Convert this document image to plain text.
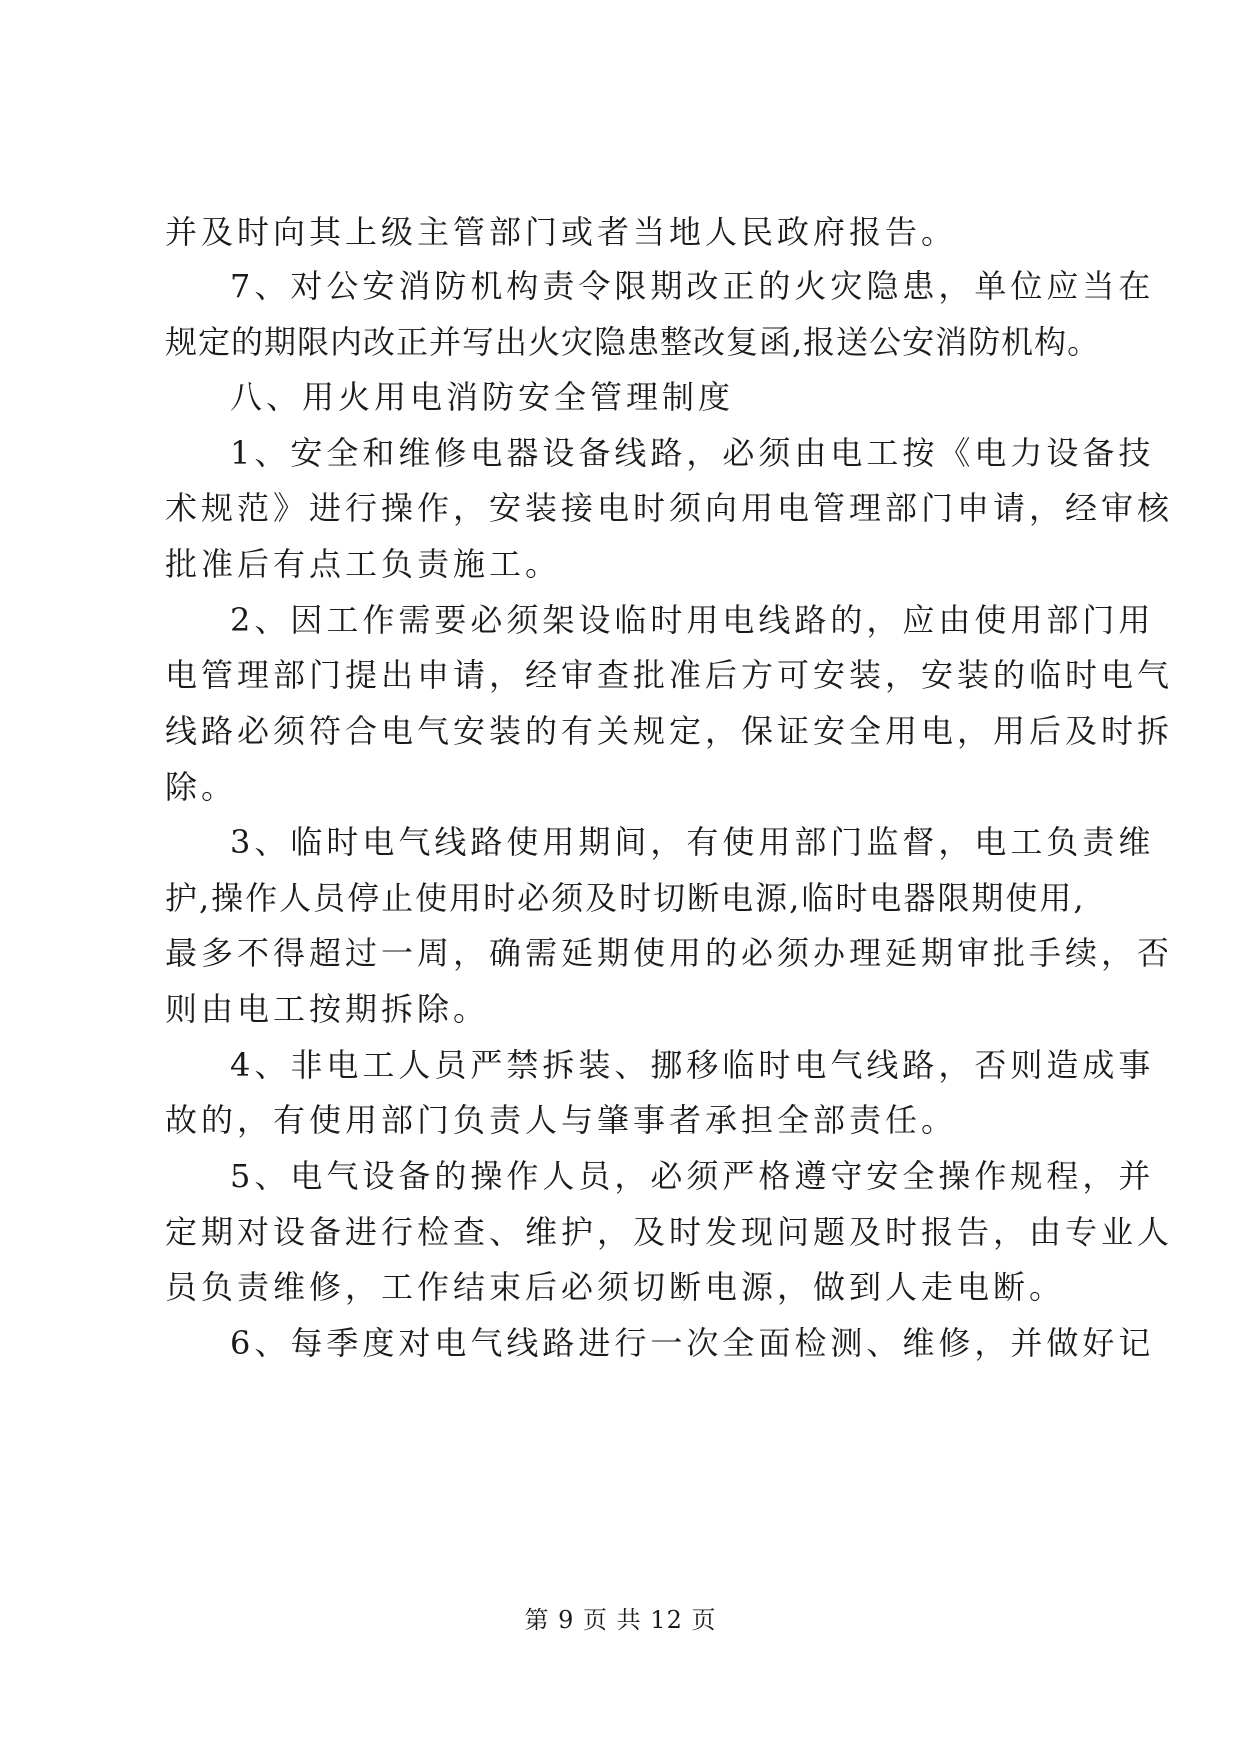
并及时向其上级主管部门或者当地人民政府报告。
7、对公安消防机构责令限期改正的火灾隐患，单位应当在
规定的期限内改正并写出火灾隐患整改复函,报送公安消防机构。
八、用火用电消防安全管理制度
1、安全和维修电器设备线路，必须由电工按《电力设备技
术规范》进行操作，安装接电时须向用电管理部门申请，经审核
批准后有点工负责施工。
2、因工作需要必须架设临时用电线路的，应由使用部门用
电管理部门提出申请，经审查批准后方可安装，安装的临时电气
线路必须符合电气安装的有关规定，保证安全用电，用后及时拆
除。
3、临时电气线路使用期间，有使用部门监督，电工负责维
护,操作人员停止使用时必须及时切断电源,临时电器限期使用,
最多不得超过一周，确需延期使用的必须办理延期审批手续，否
则由电工按期拆除。
4、非电工人员严禁拆装、挪移临时电气线路，否则造成事
故的，有使用部门负责人与肇事者承担全部责任。
5、电气设备的操作人员，必须严格遵守安全操作规程，并
定期对设备进行检查、维护，及时发现问题及时报告，由专业人
员负责维修，工作结束后必须切断电源，做到人走电断。
6、每季度对电气线路进行一次全面检测、维修，并做好记
第 9 页 共 12 页
